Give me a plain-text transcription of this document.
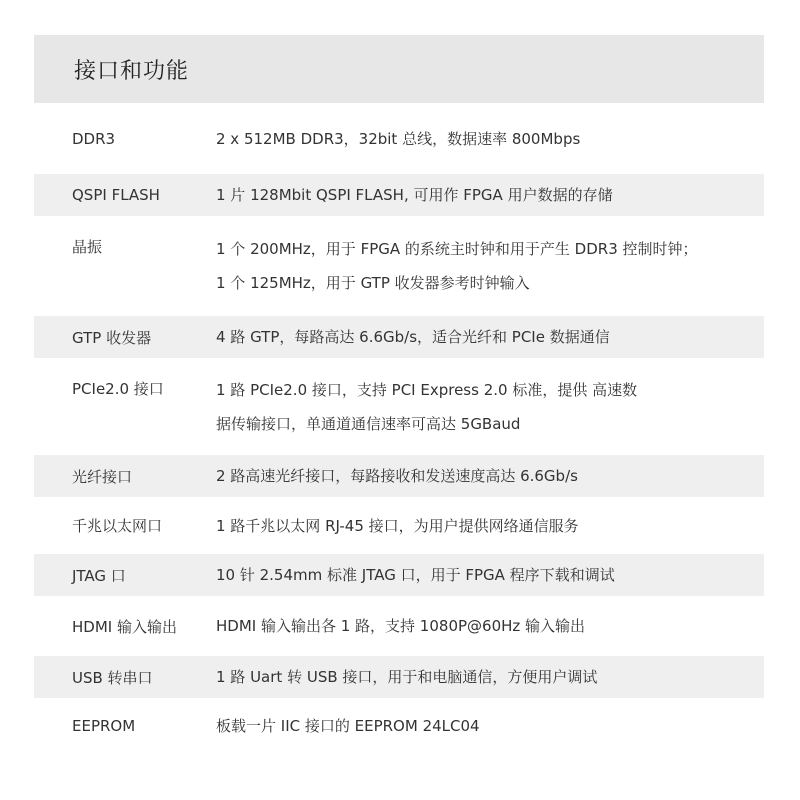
接口和功能
DDR3	2 x 512MB DDR3，32bit 总线，数据速率 800Mbps
QSPI FLASH	1 片 128Mbit QSPI FLASH, 可用作 FPGA 用户数据的存储
晶振	1 个 200MHz，用于 FPGA 的系统主时钟和用于产生 DDR3 控制时钟；
1 个 125MHz，用于 GTP 收发器参考时钟输入
GTP 收发器	4 路 GTP，每路高达 6.6Gb/s，适合光纤和 PCIe 数据通信
PCIe2.0 接口	1 路 PCIe2.0 接口，支持 PCI Express 2.0 标准，提供 高速数
据传输接口，单通道通信速率可高达 5GBaud
光纤接口	2 路高速光纤接口，每路接收和发送速度高达 6.6Gb/s
千兆以太网口	1 路千兆以太网 RJ-45 接口，为用户提供网络通信服务
JTAG 口	10 针 2.54mm 标准 JTAG 口，用于 FPGA 程序下载和调试
HDMI 输入输出	HDMI 输入输出各 1 路，支持 1080P@60Hz 输入输出
USB 转串口	1 路 Uart 转 USB 接口，用于和电脑通信，方便用户调试
EEPROM	板载一片 IIC 接口的 EEPROM 24LC04
